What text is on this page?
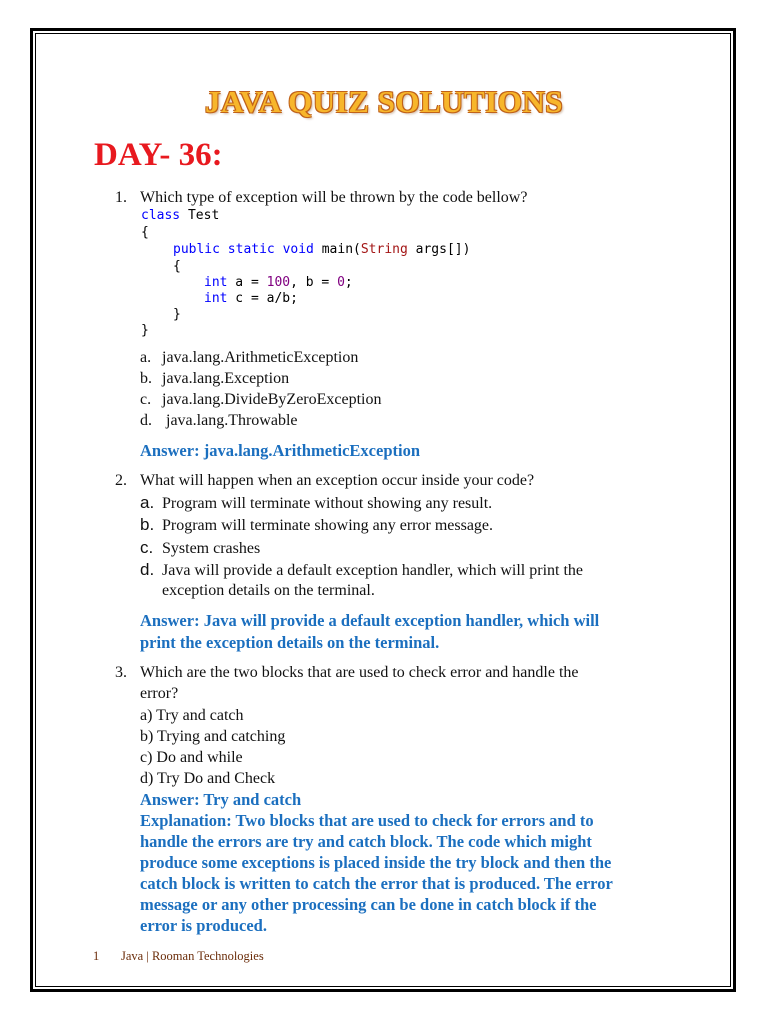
JAVA QUIZ SOLUTIONS
DAY- 36:
1. Which type of exception will be thrown by the code bellow?
class Test
{
public static void main(String args[])
{
int a = 100, b = 0;
int c = a/b;
}
}
a. java.lang.ArithmeticException
b. java.lang.Exception
c. java.lang.DivideByZeroException
d. java.lang.Throwable
Answer: java.lang.ArithmeticException
2. What will happen when an exception occur inside your code?
a. Program will terminate without showing any result.
b. Program will terminate showing any error message.
c. System crashes
d. Java will provide a default exception handler, which will print the
exception details on the terminal.
Answer: Java will provide a default exception handler, which will
print the exception details on the terminal.
3. Which are the two blocks that are used to check error and handle the
error?
a) Try and catch
b) Trying and catching
c) Do and while
d) Try Do and Check
Answer: Try and catch
Explanation: Two blocks that are used to check for errors and to
handle the errors are try and catch block. The code which might
produce some exceptions is placed inside the try block and then the
catch block is written to catch the error that is produced. The error
message or any other processing can be done in catch block if the
error is produced.
1 Java | Rooman Technologies
